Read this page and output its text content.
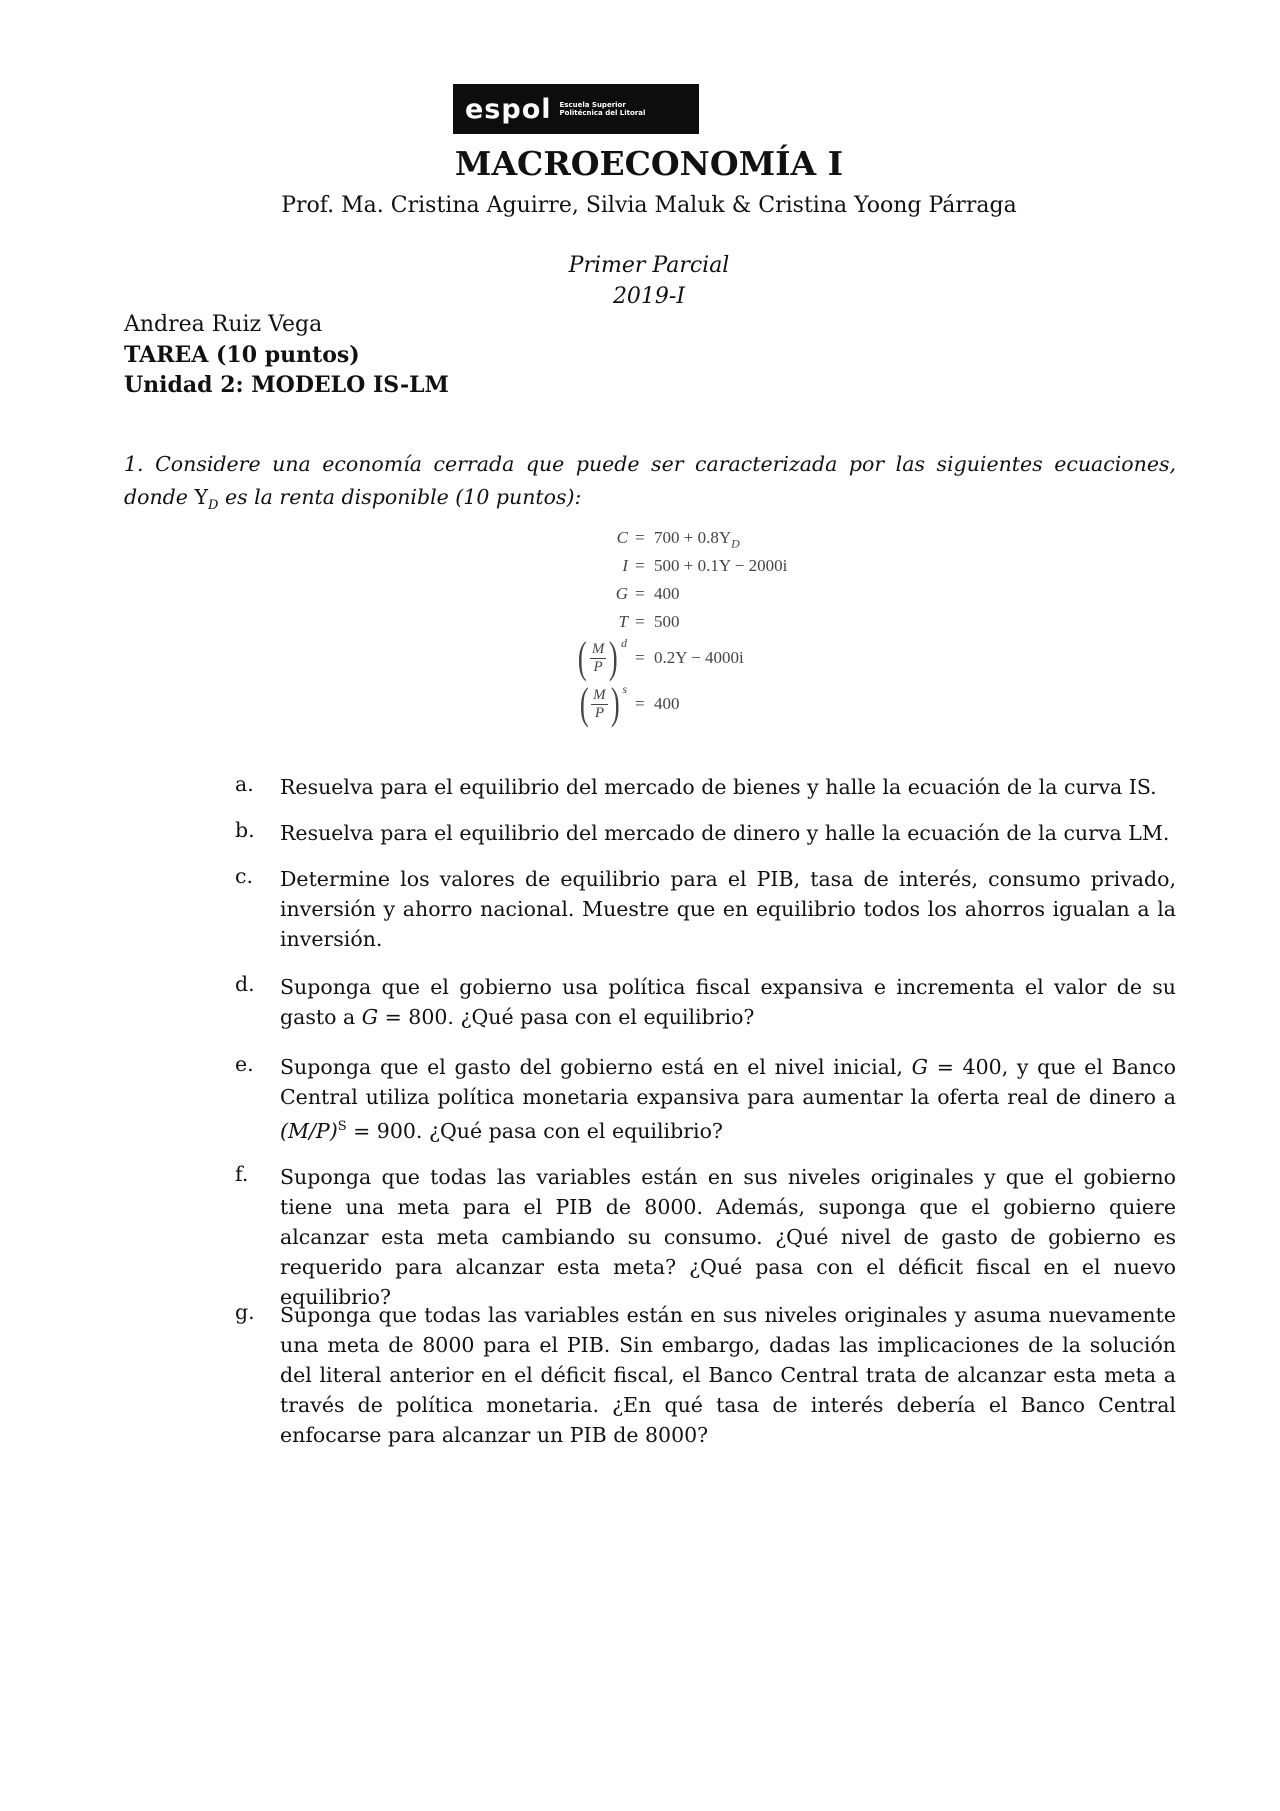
espol Escuela Superior
Politécnica del Litoral
MACROECONOMÍA I
Prof. Ma. Cristina Aguirre, Silvia Maluk & Cristina Yoong Párraga
Primer Parcial
2019-I
Andrea Ruiz Vega
TAREA (10 puntos)
Unidad 2: MODELO IS-LM
1. Considere una economía cerrada que puede ser caracterizada por las siguientes ecuaciones, donde $Y_D$ es la renta disponible (10 puntos):
$C = 700 + 0.8Y_D$
I = 500 + 0.1Y − 2000i
G = 400
T = 500
( $\frac{M}{P}$ ) d
= 0.2Y − 4000i
( $\frac{M}{P}$ ) s
= 400
a.	Resuelva para el equilibrio del mercado de bienes y halle la ecuación de la curva IS.
b.	Resuelva para el equilibrio del mercado de dinero y halle la ecuación de la curva LM.
c.	Determine los valores de equilibrio para el PIB, tasa de interés, consumo privado, inversión y ahorro nacional. Muestre que en equilibrio todos los ahorros igualan a la inversión.
d.	Suponga que el gobierno usa política fiscal expansiva e incrementa el valor de su gasto a G = 800. ¿Qué pasa con el equilibrio?
e.	Suponga que el gasto del gobierno está en el nivel inicial, G = 400, y que el Banco Central utiliza política monetaria expansiva para aumentar la oferta real de dinero a $(M/P)^S = 900$. ¿Qué pasa con el equilibrio?
f.	Suponga que todas las variables están en sus niveles originales y que el gobierno tiene una meta para el PIB de 8000. Además, suponga que el gobierno quiere alcanzar esta meta cambiando su consumo. ¿Qué nivel de gasto de gobierno es requerido para alcanzar esta meta? ¿Qué pasa con el déficit fiscal en el nuevo equilibrio?
g.	Suponga que todas las variables están en sus niveles originales y asuma nuevamente una meta de 8000 para el PIB. Sin embargo, dadas las implicaciones de la solución del literal anterior en el déficit fiscal, el Banco Central trata de alcanzar esta meta a través de política monetaria. ¿En qué tasa de interés debería el Banco Central enfocarse para alcanzar un PIB de 8000?
